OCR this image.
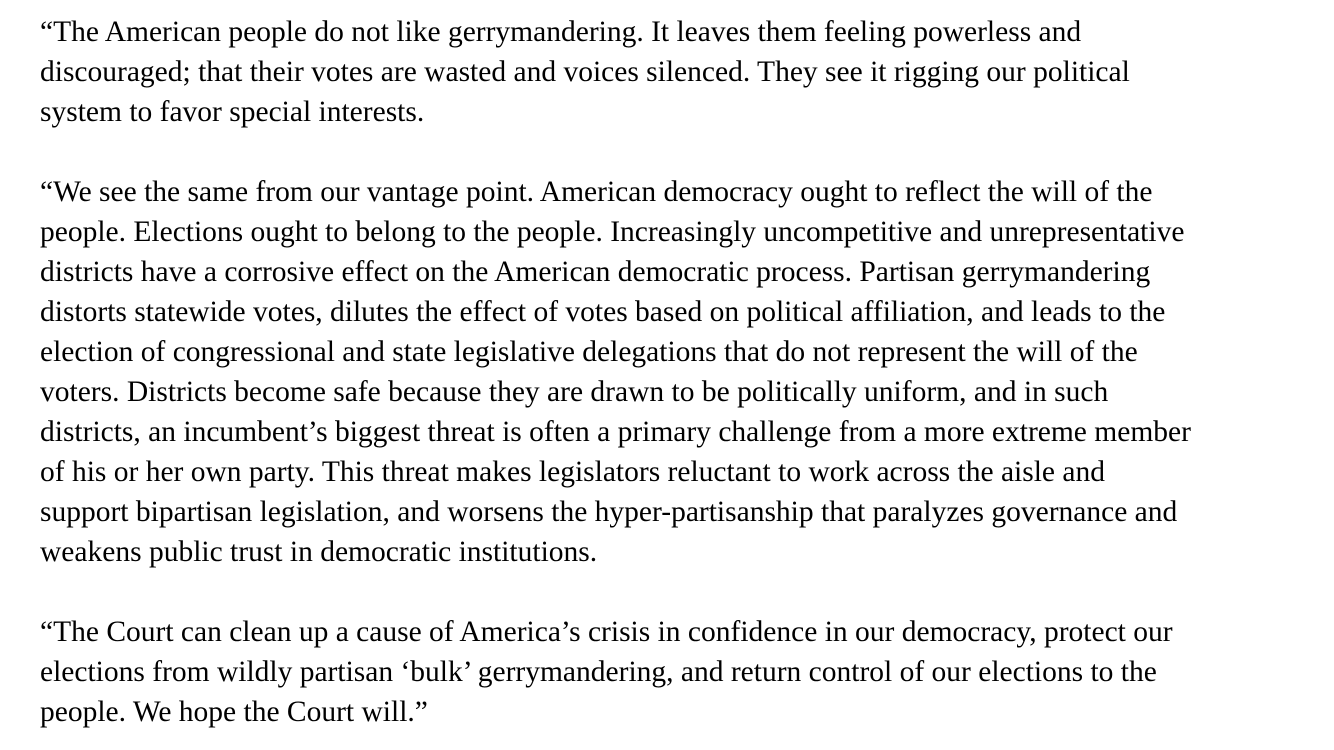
“The American people do not like gerrymandering. It leaves them feeling powerless and
discouraged; that their votes are wasted and voices silenced. They see it rigging our political
system to favor special interests.

“We see the same from our vantage point. American democracy ought to reflect the will of the
people. Elections ought to belong to the people. Increasingly uncompetitive and unrepresentative
districts have a corrosive effect on the American democratic process. Partisan gerrymandering
distorts statewide votes, dilutes the effect of votes based on political affiliation, and leads to the
election of congressional and state legislative delegations that do not represent the will of the
voters. Districts become safe because they are drawn to be politically uniform, and in such
districts, an incumbent’s biggest threat is often a primary challenge from a more extreme member
of his or her own party. This threat makes legislators reluctant to work across the aisle and
support bipartisan legislation, and worsens the hyper-partisanship that paralyzes governance and
weakens public trust in democratic institutions.

“The Court can clean up a cause of America’s crisis in confidence in our democracy, protect our
elections from wildly partisan ‘bulk’ gerrymandering, and return control of our elections to the
people. We hope the Court will.”
